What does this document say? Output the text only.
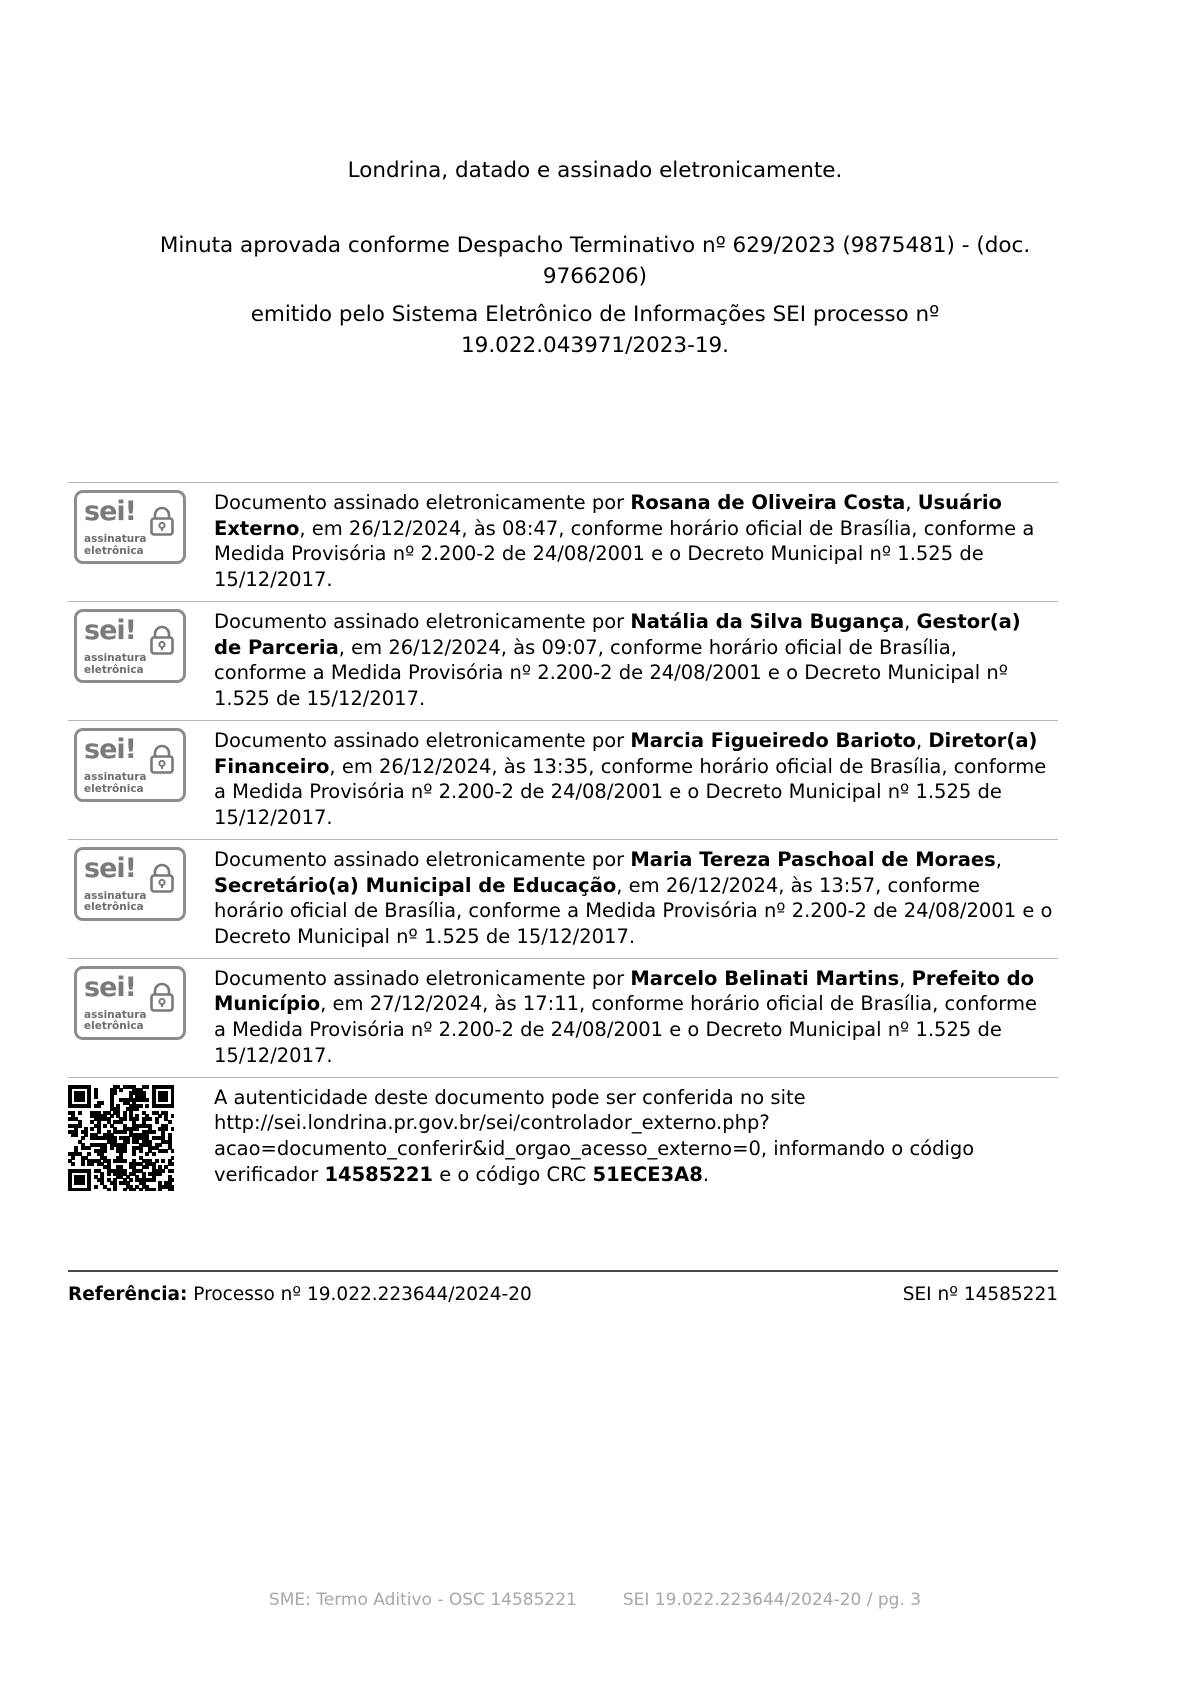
Londrina, datado e assinado eletronicamente.

Minuta aprovada conforme Despacho Terminativo nº 629/2023 (9875481) - (doc.

9766206)

emitido pelo Sistema Eletrônico de Informações SEI processo nº

19.022.043971/2023-19.

sei!
assinatura
eletrônica
	Documento assinado eletronicamente por Rosana de Oliveira Costa, Usuário Externo, em 26/12/2024, às 08:47, conforme horário oficial de Brasília, conforme a Medida Provisória nº 2.200-2 de 24/08/2001 e o Decreto Municipal nº 1.525 de 15/12/2017.

sei!
assinatura
eletrônica
	Documento assinado eletronicamente por Natália da Silva Bugança, Gestor(a) de Parceria, em 26/12/2024, às 09:07, conforme horário oficial de Brasília, conforme a Medida Provisória nº 2.200-2 de 24/08/2001 e o Decreto Municipal nº 1.525 de 15/12/2017.

sei!
assinatura
eletrônica
	Documento assinado eletronicamente por Marcia Figueiredo Barioto, Diretor(a) Financeiro, em 26/12/2024, às 13:35, conforme horário oficial de Brasília, conforme a Medida Provisória nº 2.200-2 de 24/08/2001 e o Decreto Municipal nº 1.525 de 15/12/2017.

sei!
assinatura
eletrônica
	Documento assinado eletronicamente por Maria Tereza Paschoal de Moraes, Secretário(a) Municipal de Educação, em 26/12/2024, às 13:57, conforme horário oficial de Brasília, conforme a Medida Provisória nº 2.200-2 de 24/08/2001 e o Decreto Municipal nº 1.525 de 15/12/2017.

sei!
assinatura
eletrônica
	Documento assinado eletronicamente por Marcelo Belinati Martins, Prefeito do Município, em 27/12/2024, às 17:11, conforme horário oficial de Brasília, conforme a Medida Provisória nº 2.200-2 de 24/08/2001 e o Decreto Municipal nº 1.525 de 15/12/2017.

	A autenticidade deste documento pode ser conferida no site http://sei.londrina.pr.gov.br/sei/controlador_externo.php?acao=documento_conferir&id_orgao_acesso_externo=0, informando o código verificador 14585221 e o código CRC 51ECE3A8.
Referência: Processo nº 19.022.223644/2024-20	SEI nº 14585221
SME: Termo Aditivo - OSC 14585221	SEI 19.022.223644/2024-20 / pg. 3
